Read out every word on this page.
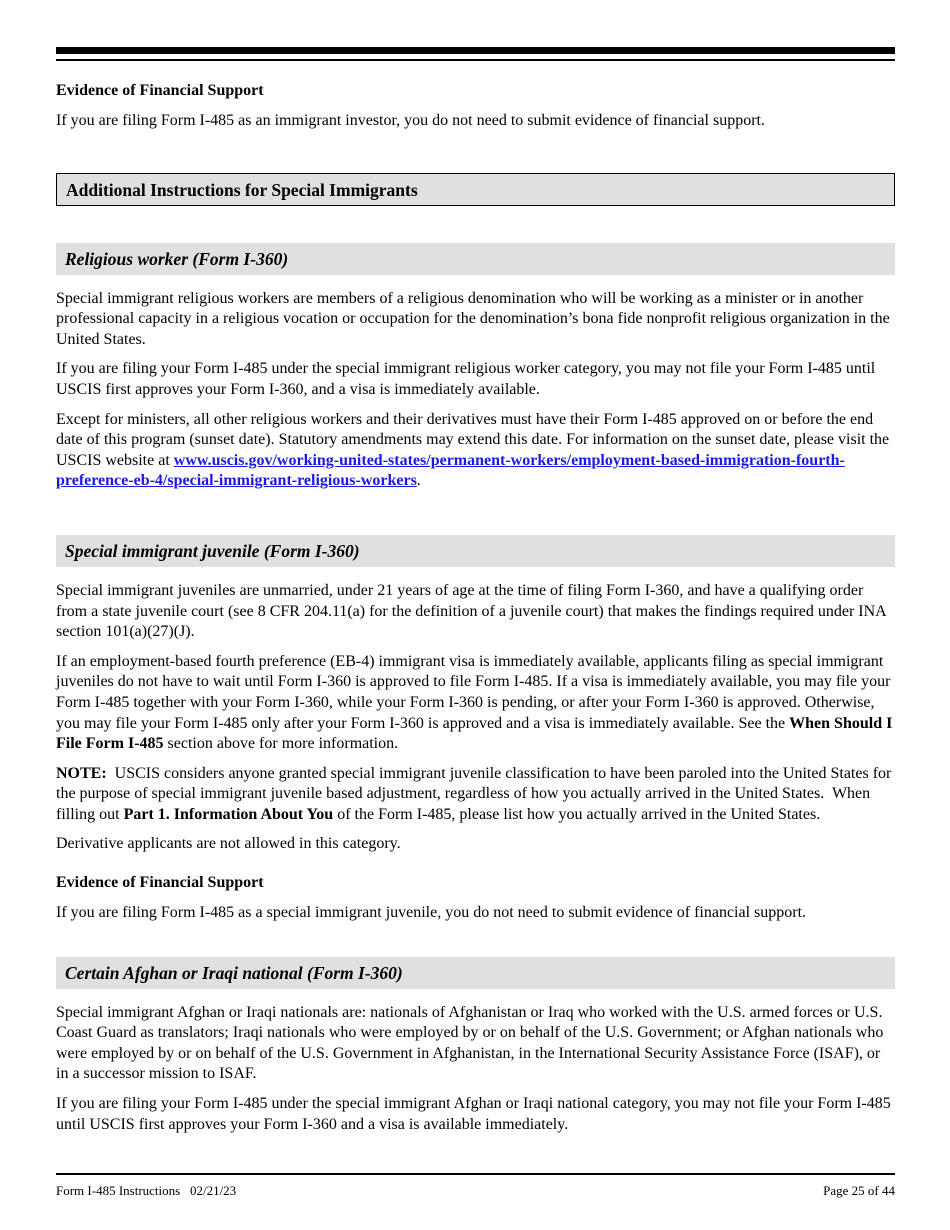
Evidence of Financial Support

If you are filing Form I-485 as an immigrant investor, you do not need to submit evidence of financial support.

Additional Instructions for Special Immigrants
Religious worker (Form I-360)

Special immigrant religious workers are members of a religious denomination who will be working as a minister or in another professional capacity in a religious vocation or occupation for the denomination’s bona fide nonprofit religious organization in the United States.

If you are filing your Form I-485 under the special immigrant religious worker category, you may not file your Form I-485 until USCIS first approves your Form I-360, and a visa is immediately available.

Except for ministers, all other religious workers and their derivatives must have their Form I-485 approved on or before the end date of this program (sunset date). Statutory amendments may extend this date. For information on the sunset date, please visit the USCIS website at www.uscis.gov/working-united-states/permanent-workers/employment-based-immigration-fourth-preference-eb-4/special-immigrant-religious-workers.

Special immigrant juvenile (Form I-360)

Special immigrant juveniles are unmarried, under 21 years of age at the time of filing Form I-360, and have a qualifying order from a state juvenile court (see 8 CFR 204.11(a) for the definition of a juvenile court) that makes the findings required under INA section 101(a)(27)(J).

If an employment-based fourth preference (EB-4) immigrant visa is immediately available, applicants filing as special immigrant juveniles do not have to wait until Form I-360 is approved to file Form I-485. If a visa is immediately available, you may file your Form I-485 together with your Form I-360, while your Form I-360 is pending, or after your Form I-360 is approved. Otherwise, you may file your Form I-485 only after your Form I-360 is approved and a visa is immediately available. See the When Should I File Form I-485 section above for more information.

NOTE:  USCIS considers anyone granted special immigrant juvenile classification to have been paroled into the United States for the purpose of special immigrant juvenile based adjustment, regardless of how you actually arrived in the United States.  When filling out Part 1. Information About You of the Form I-485, please list how you actually arrived in the United States.

Derivative applicants are not allowed in this category.

Evidence of Financial Support

If you are filing Form I-485 as a special immigrant juvenile, you do not need to submit evidence of financial support.

Certain Afghan or Iraqi national (Form I-360)

Special immigrant Afghan or Iraqi nationals are: nationals of Afghanistan or Iraq who worked with the U.S. armed forces or U.S. Coast Guard as translators; Iraqi nationals who were employed by or on behalf of the U.S. Government; or Afghan nationals who were employed by or on behalf of the U.S. Government in Afghanistan, in the International Security Assistance Force (ISAF), or in a successor mission to ISAF.

If you are filing your Form I-485 under the special immigrant Afghan or Iraqi national category, you may not file your Form I-485 until USCIS first approves your Form I-360 and a visa is available immediately.

Form I-485 Instructions   02/21/23	Page 25 of 44
